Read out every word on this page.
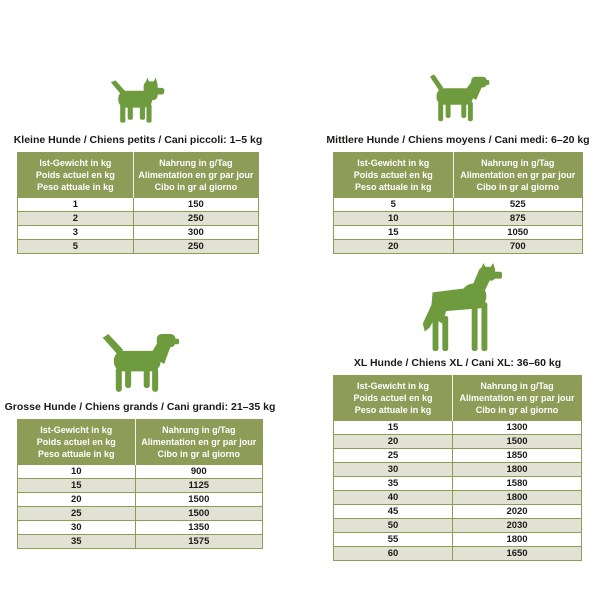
Kleine Hunde / Chiens petits / Cani piccoli: 1–5 kg
Ist-Gewicht in kg
Poids actuel en kg
Peso attuale in kg	Nahrung in g/Tag
Alimentation en gr par jour
Cibo in gr al giorno
1	150
2	250
3	300
5	250
Mittlere Hunde / Chiens moyens / Cani medi: 6–20 kg
Ist-Gewicht in kg
Poids actuel en kg
Peso attuale in kg	Nahrung in g/Tag
Alimentation en gr par jour
Cibo in gr al giorno
5	525
10	875
15	1050
20	700
Grosse Hunde / Chiens grands / Cani grandi: 21–35 kg
Ist-Gewicht in kg
Poids actuel en kg
Peso attuale in kg	Nahrung in g/Tag
Alimentation en gr par jour
Cibo in gr al giorno
10	900
15	1125
20	1500
25	1500
30	1350
35	1575
XL Hunde / Chiens XL / Cani XL: 36–60 kg
Ist-Gewicht in kg
Poids actuel en kg
Peso attuale in kg	Nahrung in g/Tag
Alimentation en gr par jour
Cibo in gr al giorno
15	1300
20	1500
25	1850
30	1800
35	1580
40	1800
45	2020
50	2030
55	1800
60	1650
